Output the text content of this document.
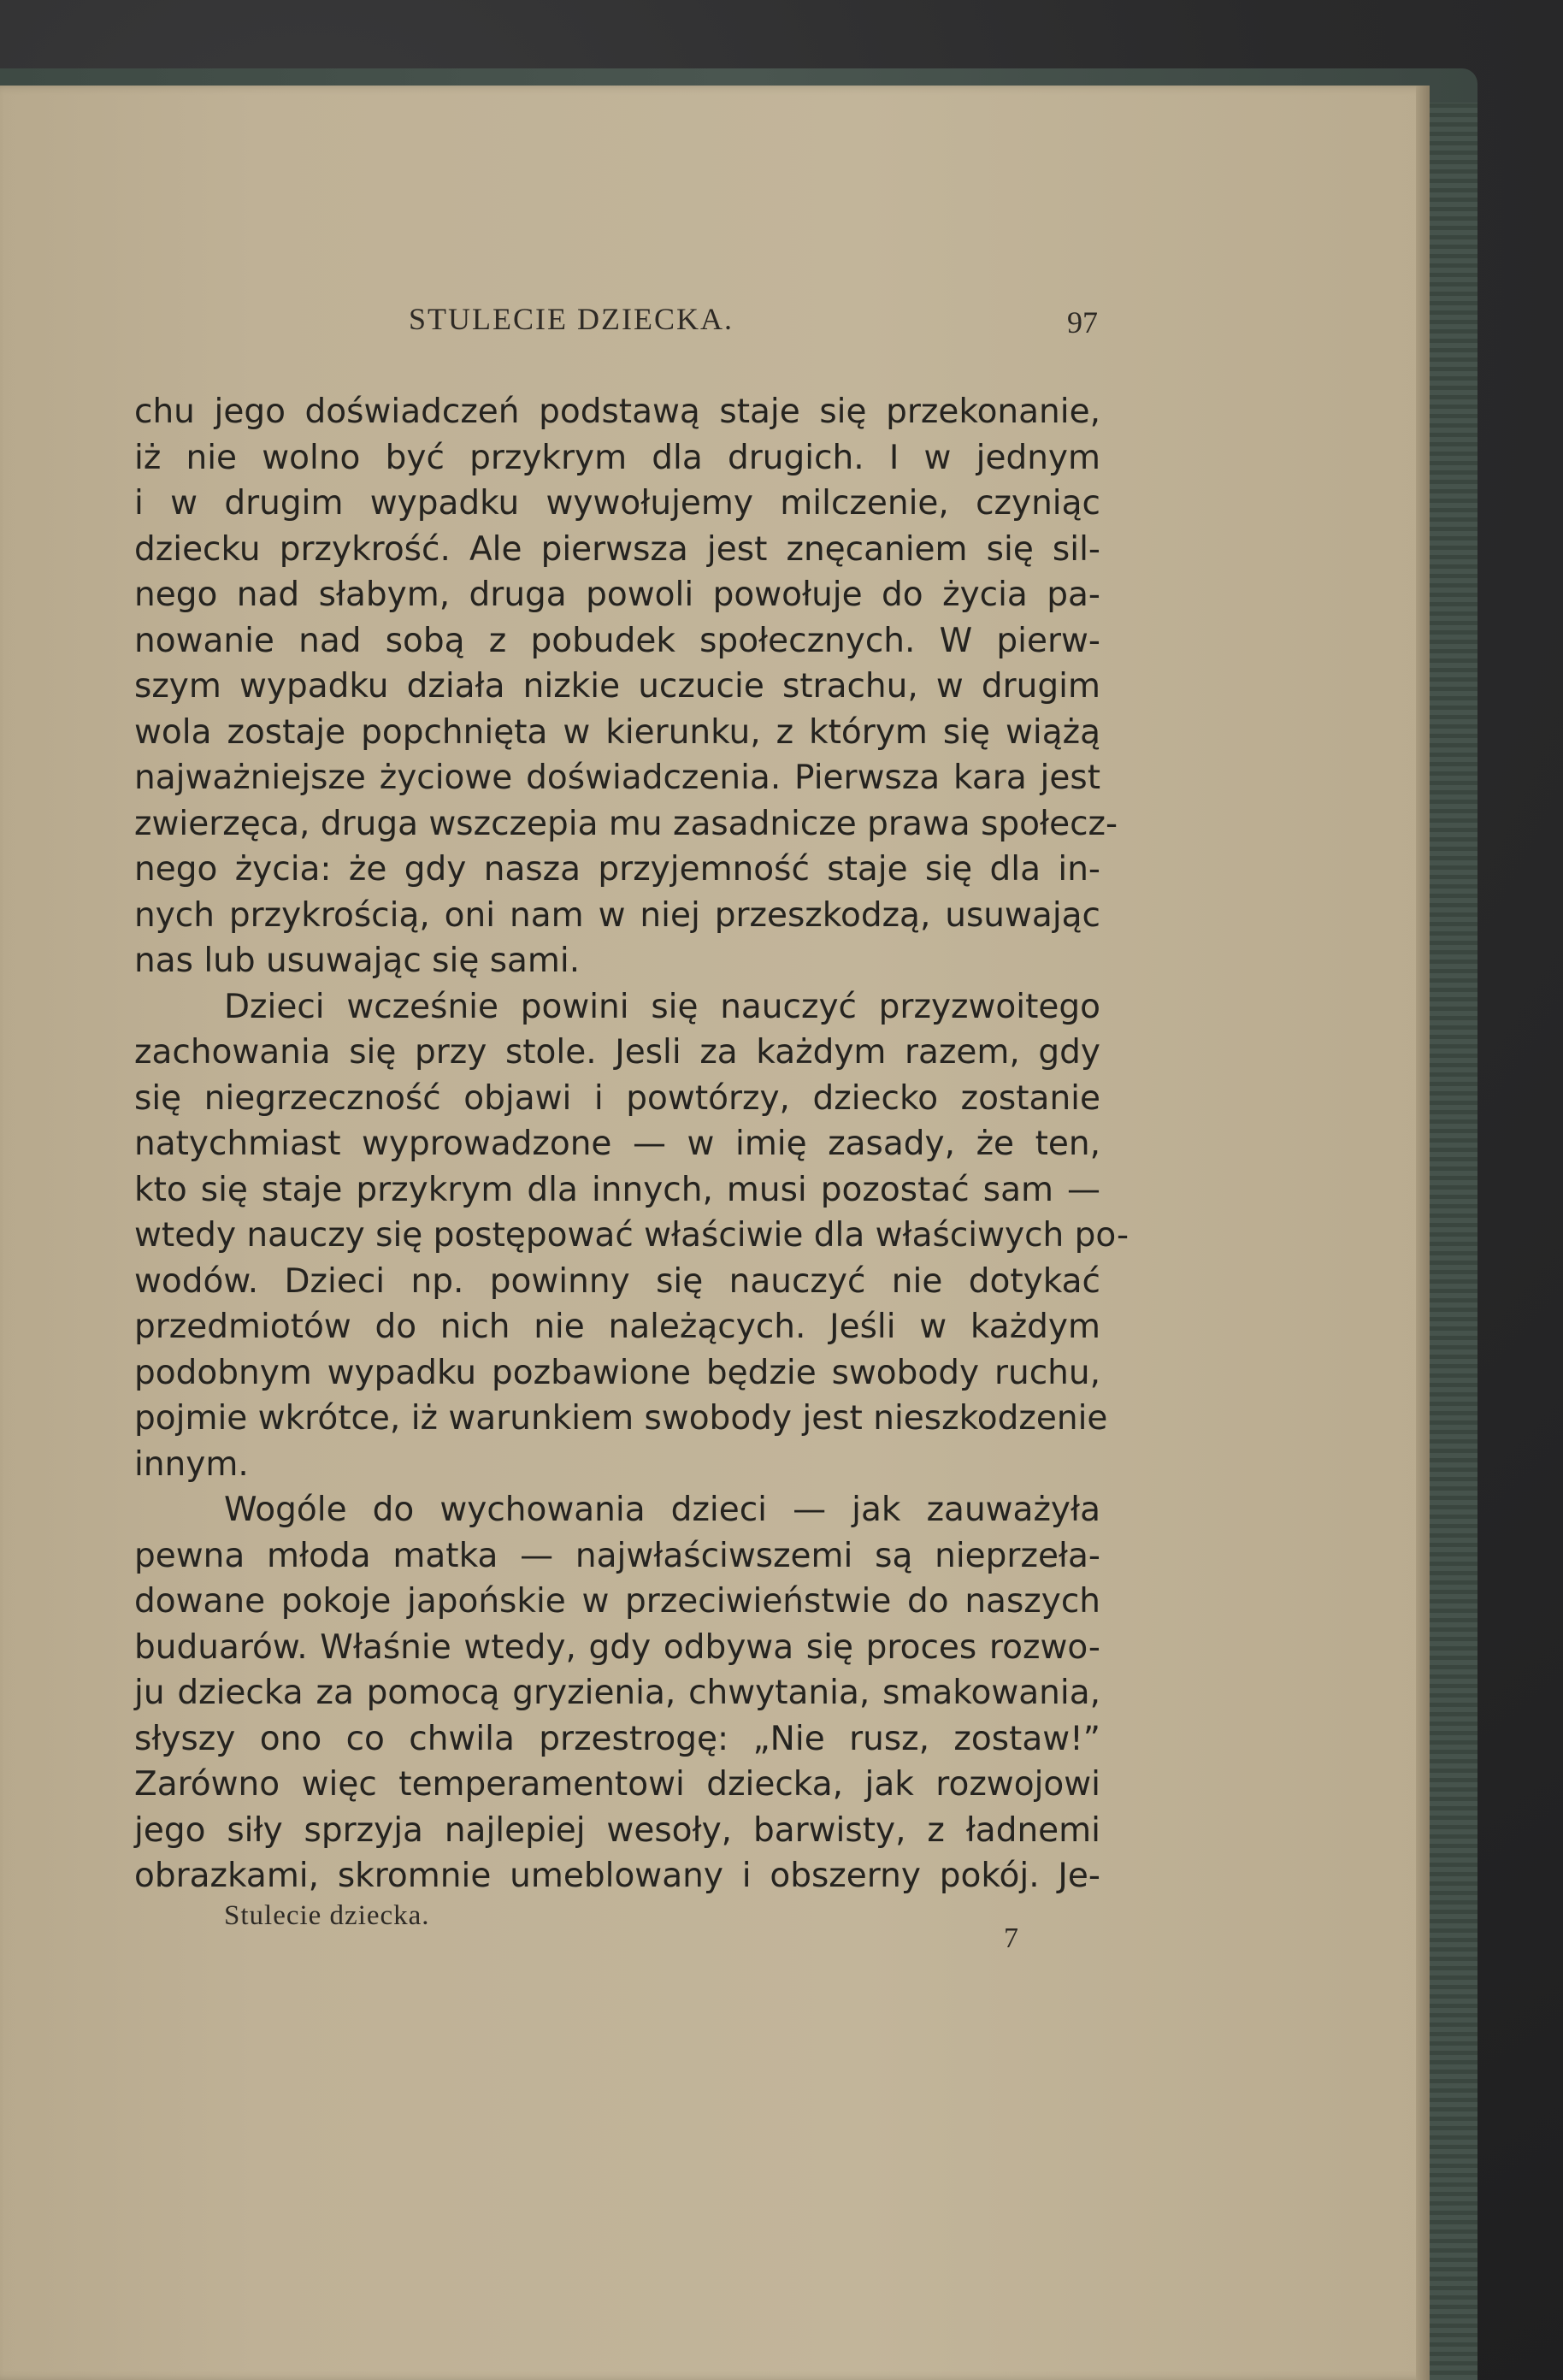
STULECIE DZIECKA.	97
chu jego doświadczeń podstawą staje się przekonanie,
iż nie wolno być przykrym dla drugich. I w jednym
i w drugim wypadku wywołujemy milczenie, czyniąc
dziecku przykrość. Ale pierwsza jest znęcaniem się sil-
nego nad słabym, druga powoli powołuje do życia pa-
nowanie nad sobą z pobudek społecznych. W pierw-
szym wypadku działa nizkie uczucie strachu, w drugim
wola zostaje popchnięta w kierunku, z którym się wiążą
najważniejsze życiowe doświadczenia. Pierwsza kara jest
zwierzęca, druga wszczepia mu zasadnicze prawa społecz-
nego życia: że gdy nasza przyjemność staje się dla in-
nych przykrością, oni nam w niej przeszkodzą, usuwając
nas lub usuwając się sami.
Dzieci wcześnie powini się nauczyć przyzwoitego
zachowania się przy stole. Jesli za każdym razem, gdy
się niegrzeczność objawi i powtórzy, dziecko zostanie
natychmiast wyprowadzone — w imię zasady, że ten,
kto się staje przykrym dla innych, musi pozostać sam —
wtedy nauczy się postępować właściwie dla właściwych po-
wodów. Dzieci np. powinny się nauczyć nie dotykać
przedmiotów do nich nie należących. Jeśli w każdym
podobnym wypadku pozbawione będzie swobody ruchu,
pojmie wkrótce, iż warunkiem swobody jest nieszkodzenie
innym.
Wogóle do wychowania dzieci — jak zauważyła
pewna młoda matka — najwłaściwszemi są nieprzeła-
dowane pokoje japońskie w przeciwieństwie do naszych
buduarów. Właśnie wtedy, gdy odbywa się proces rozwo-
ju dziecka za pomocą gryzienia, chwytania, smakowania,
słyszy ono co chwila przestrogę: „Nie rusz, zostaw!”
Zarówno więc temperamentowi dziecka, jak rozwojowi
jego siły sprzyja najlepiej wesoły, barwisty, z ładnemi
obrazkami, skromnie umeblowany i obszerny pokój. Je-
Stulecie dziecka.
7
